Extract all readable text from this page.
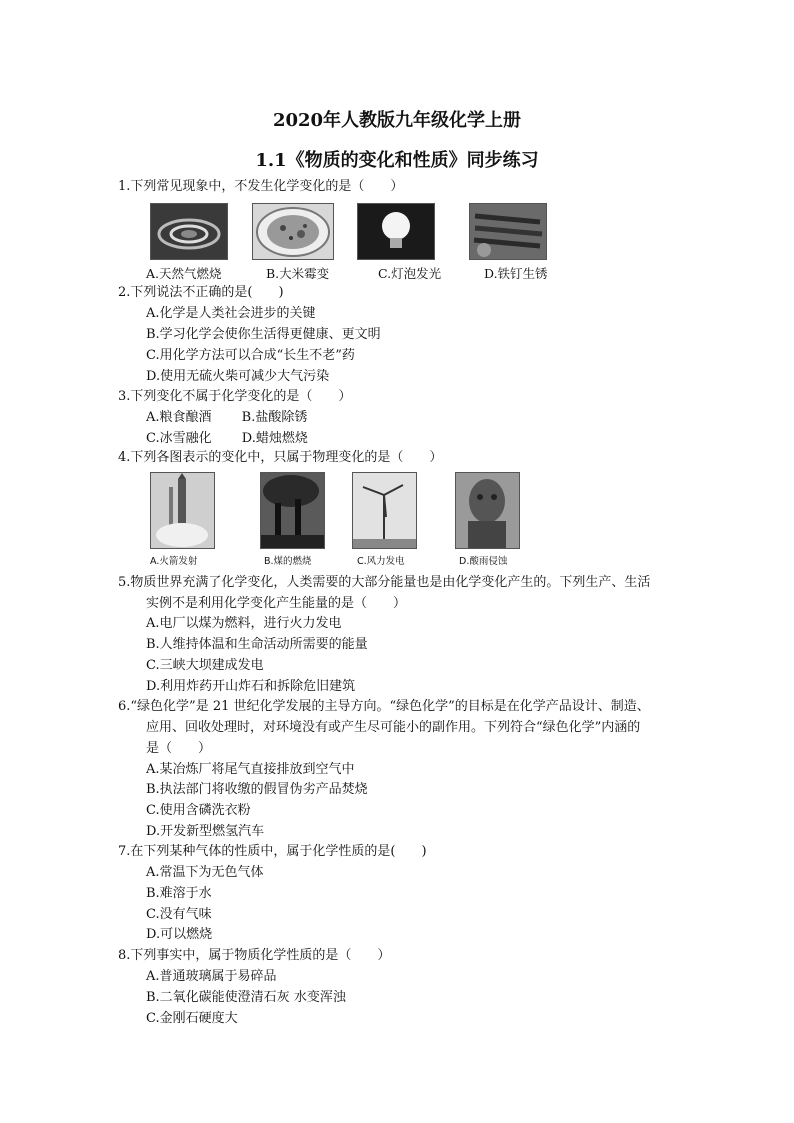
2020年人教版九年级化学上册
1.1《物质的变化和性质》同步练习
1.下列常见现象中，不发生化学变化的是（　　）
A.天然气燃烧	B.大米霉变	C.灯泡发光	D.铁钉生锈
2.下列说法不正确的是(　　)
A.化学是人类社会进步的关键
B.学习化学会使你生活得更健康、更文明
C.用化学方法可以合成“长生不老”药
D.使用无硫火柴可减少大气污染
3.下列变化不属于化学变化的是（　　）
A.粮食酿酒　　 B.盐酸除锈
C.冰雪融化　　 D.蜡烛燃烧
4.下列各图表示的变化中，只属于物理变化的是（　　）
A.火箭发射	B.煤的燃烧	C.风力发电	D.酸雨侵蚀
5.物质世界充满了化学变化，人类需要的大部分能量也是由化学变化产生的。下列生产、生活
实例不是利用化学变化产生能量的是（　　）
A.电厂以煤为燃料，进行火力发电
B.人维持体温和生命活动所需要的能量
C.三峡大坝建成发电
D.利用炸药开山炸石和拆除危旧建筑
6.“绿色化学”是 21 世纪化学发展的主导方向。“绿色化学”的目标是在化学产品设计、制造、
应用、回收处理时，对环境没有或产生尽可能小的副作用。下列符合“绿色化学”内涵的
是（　　）
A.某冶炼厂将尾气直接排放到空气中
B.执法部门将收缴的假冒伪劣产品焚烧
C.使用含磷洗衣粉
D.开发新型燃氢汽车
7.在下列某种气体的性质中，属于化学性质的是(　　)
A.常温下为无色气体
B.难溶于水
C.没有气味
D.可以燃烧
8.下列事实中，属于物质化学性质的是（　　）
A.普通玻璃属于易碎品
B.二氧化碳能使澄清石灰 水变浑浊
C.金刚石硬度大
